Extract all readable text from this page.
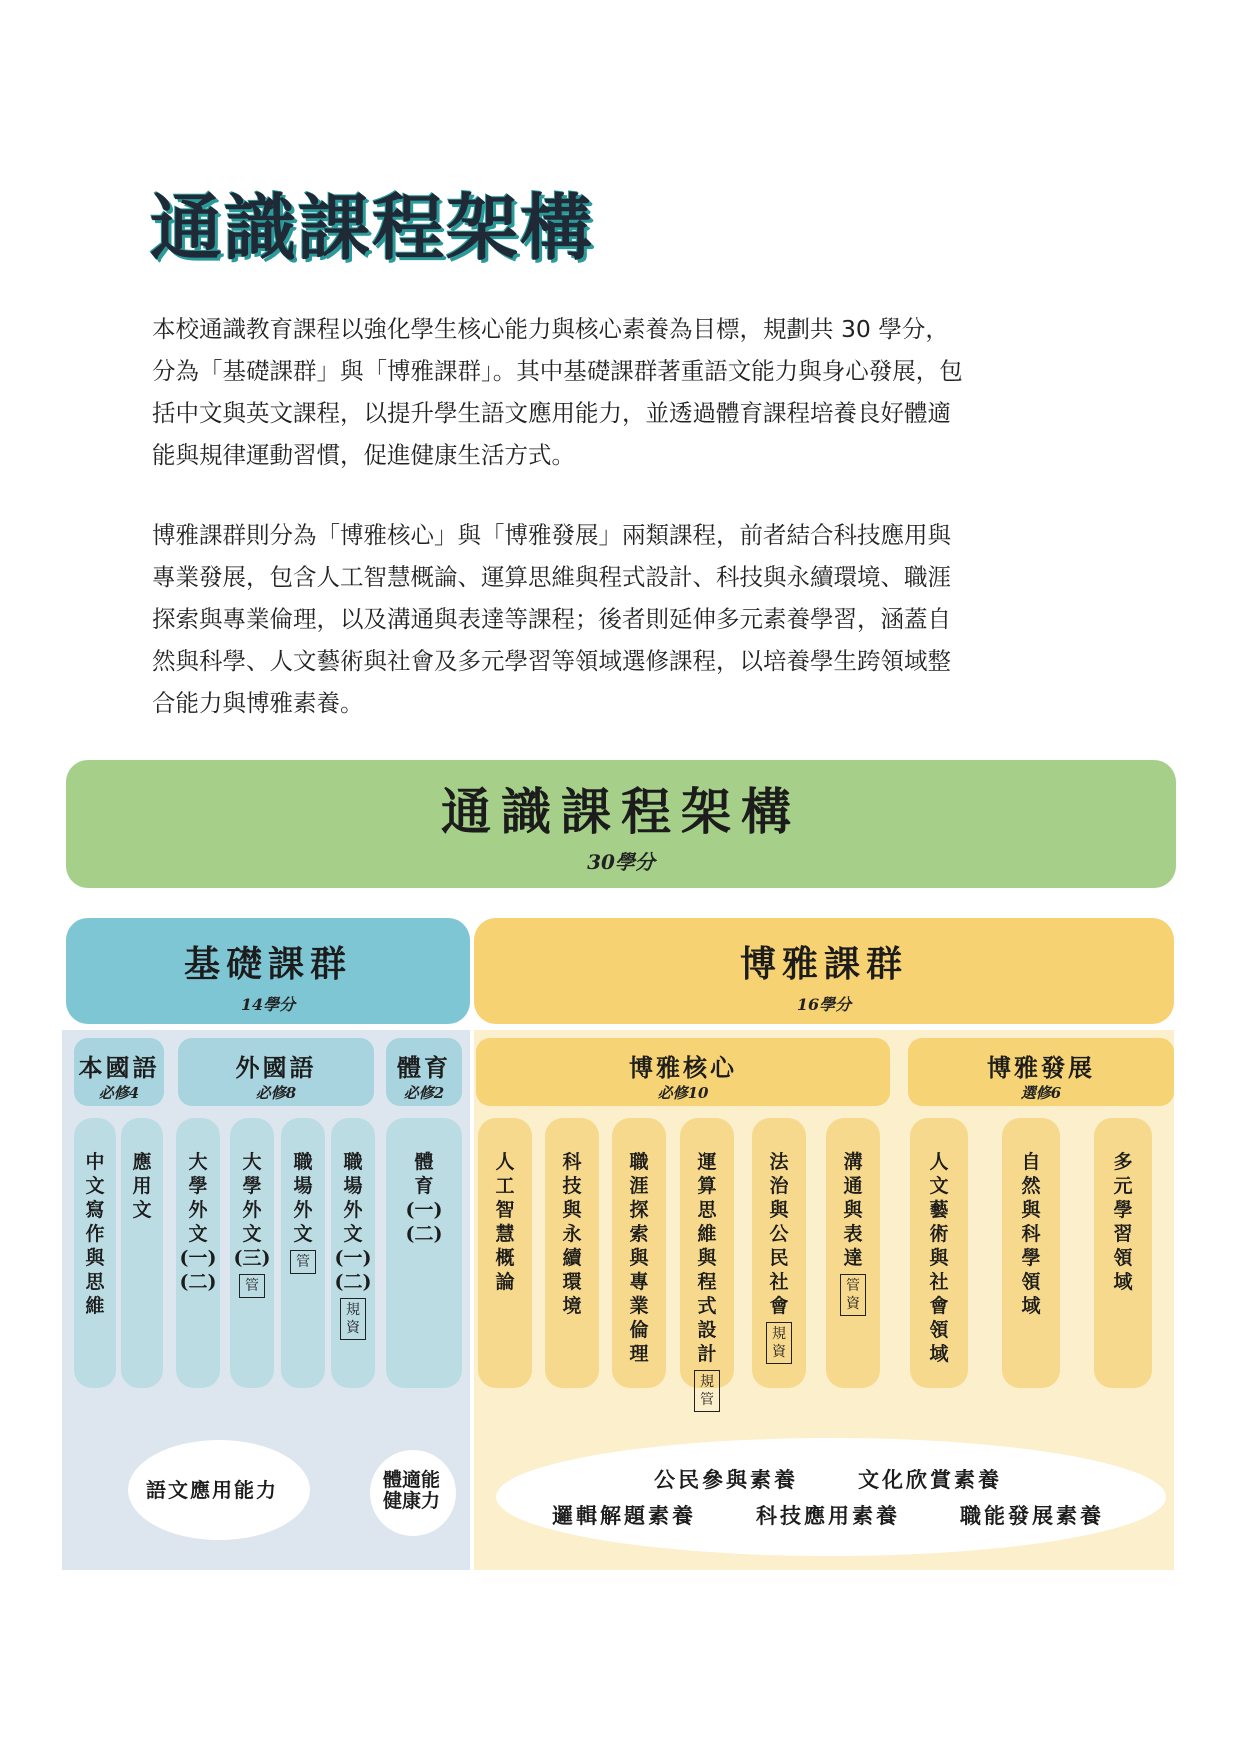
通識課程架構

本校通識教育課程以強化學生核心能力與核心素養為目標，規劃共 30 學分，

分為「基礎課群」與「博雅課群」。其中基礎課群著重語文能力與身心發展，包

括中文與英文課程，以提升學生語文應用能力，並透過體育課程培養良好體適

能與規律運動習慣，促進健康生活方式。

博雅課群則分為「博雅核心」與「博雅發展」兩類課程，前者結合科技應用與

專業發展，包含人工智慧概論、運算思維與程式設計、科技與永續環境、職涯

探索與專業倫理，以及溝通與表達等課程；後者則延伸多元素養學習，涵蓋自

然與科學、人文藝術與社會及多元學習等領域選修課程，以培養學生跨領域整

合能力與博雅素養。

通識課程架構
30學分
基礎課群
14學分
博雅課群
16學分
本國語
必修4
外國語
必修8
體育
必修2
博雅核心
必修10
博雅發展
選修6
中
文
寫
作
與
思
維
應
用
文
大
學
外
文
(一)
(二)
大
學
外
文
(三)
管
職
場
外
文
管
職
場
外
文
(一)
(二)
規
資
體
育
(一)
(二)
人
工
智
慧
概
論
科
技
與
永
續
環
境
職
涯
探
索
與
專
業
倫
理
運
算
思
維
與
程
式
設
計
規
管
法
治
與
公
民
社
會
規
資
溝
通
與
表
達
管
資
人
文
藝
術
與
社
會
領
域
自
然
與
科
學
領
域
多
元
學
習
領
域
語文應用能力	體適能
健康力
公民參與素養	文化欣賞素養
邏輯解題素養	科技應用素養	職能發展素養
